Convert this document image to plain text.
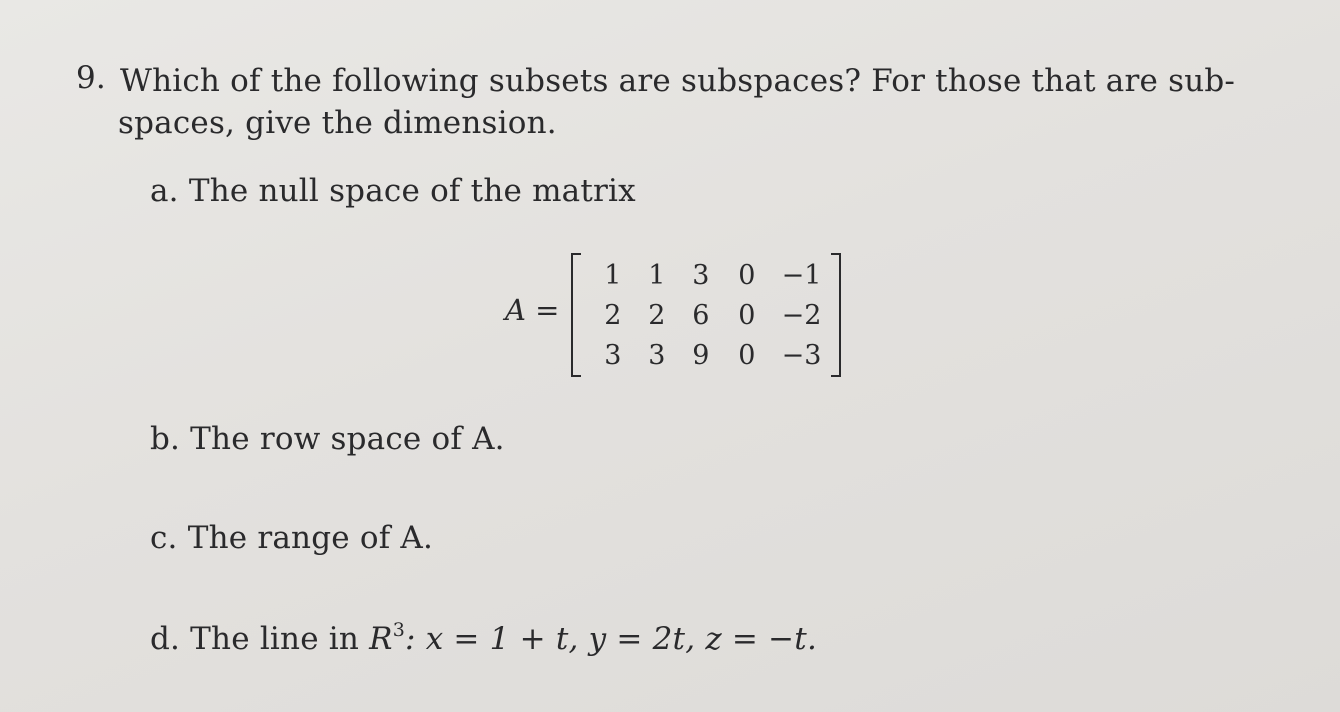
9. Which of the following subsets are subspaces? For those that are sub-
spaces, give the dimension.
a. The null space of the matrix
A =
1 1 3 0 −1
2 2 6 0 −2
3 3 9 0 −3
b. The row space of A.
c. The range of A.
d. The line in $R^3$: x = 1 + t, y = 2t, z = −t.
